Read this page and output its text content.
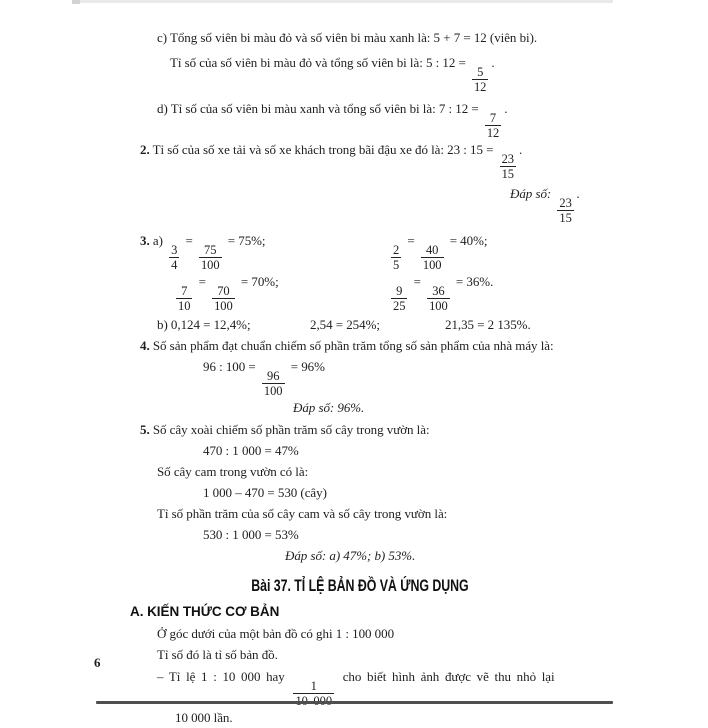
c) Tổng số viên bi màu đỏ và số viên bi màu xanh là: 5 + 7 = 12 (viên bi).
Tỉ số của số viên bi màu đỏ và tổng số viên bi là: 5 : 12 =
$\frac{5}{12}$
.
d) Tỉ số của số viên bi màu xanh và tổng số viên bi là: 7 : 12 =
$\frac{7}{12}$
.
2. Tỉ số của số xe tải và số xe khách trong bãi đậu xe đó là: 23 : 15 =
$\frac{23}{15}$
.
Đáp số:
$\frac{23}{15}$
.
3. a)
$\frac{3}{4}$
=
$\frac{75}{100}$
= 75%;
$\frac{2}{5}$
=
$\frac{40}{100}$
= 40%;
$\frac{7}{10}$
=
$\frac{70}{100}$
= 70%;
$\frac{9}{25}$
=
$\frac{36}{100}$
= 36%.
b) 0,124 = 12,4%;	2,54 = 254%;	21,35 = 2 135%.
4. Số sản phẩm đạt chuẩn chiếm số phần trăm tổng số sản phẩm của nhà máy là:
96 : 100 =
$\frac{96}{100}$
= 96%
Đáp số: 96%.
5. Số cây xoài chiếm số phần trăm số cây trong vườn là:
470 : 1 000 = 47%
Số cây cam trong vườn có là:
1 000 – 470 = 530 (cây)
Tỉ số phần trăm của số cây cam và số cây trong vườn là:
530 : 1 000 = 53%
Đáp số: a) 47%; b) 53%.
Bài 37. TỈ LỆ BẢN ĐỒ VÀ ỨNG DỤNG
A. KIẾN THỨC CƠ BẢN
Ở góc dưới của một bản đồ có ghi 1 : 100 000
Tỉ số đó là tỉ số bản đồ.
– Tỉ lệ 1 : 10 000 hay
1
cho biết hình ảnh được vẽ thu nhỏ lại
10 000 lần.
6
